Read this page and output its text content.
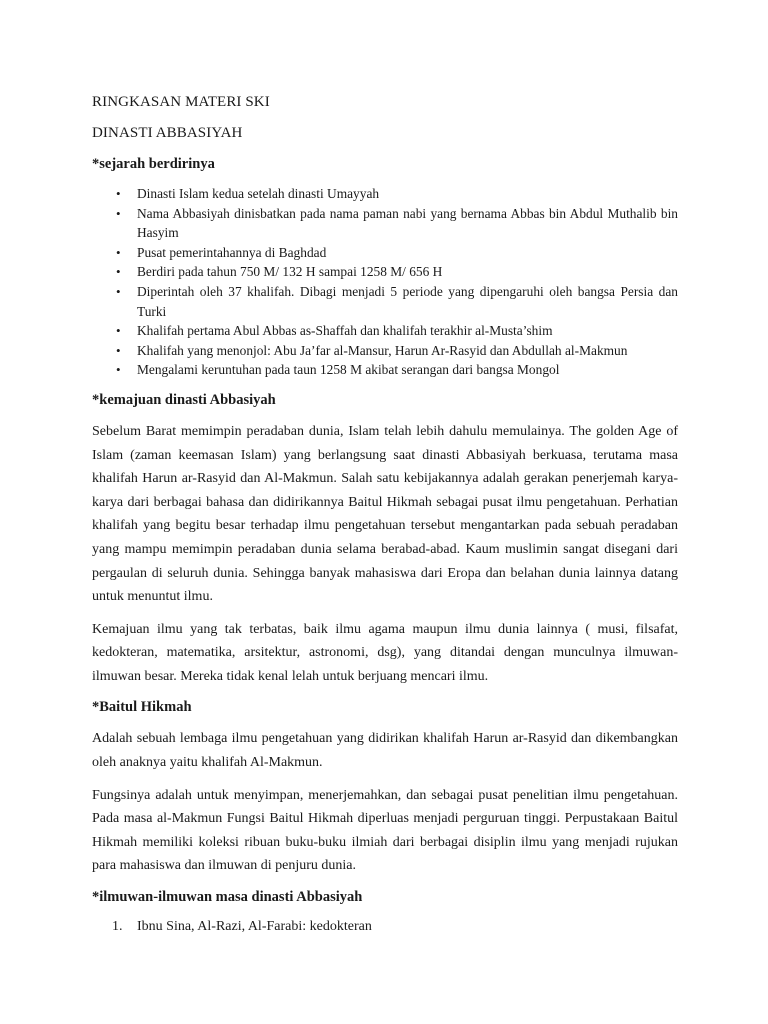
RINGKASAN MATERI SKI
DINASTI ABBASIYAH
*sejarah berdirinya
• Dinasti Islam kedua setelah dinasti Umayyah
• Nama Abbasiyah dinisbatkan pada nama paman nabi yang bernama Abbas bin Abdul Muthalib bin Hasyim
• Pusat pemerintahannya di Baghdad
• Berdiri pada tahun 750 M/ 132 H sampai 1258 M/ 656 H
• Diperintah oleh 37 khalifah. Dibagi menjadi 5 periode yang dipengaruhi oleh bangsa Persia dan Turki
• Khalifah pertama Abul Abbas as-Shaffah dan khalifah terakhir al-Musta’shim
• Khalifah yang menonjol: Abu Ja’far al-Mansur, Harun Ar-Rasyid dan Abdullah al-Makmun
• Mengalami keruntuhan pada taun 1258 M akibat serangan dari bangsa Mongol
*kemajuan dinasti Abbasiyah

Sebelum Barat memimpin peradaban dunia, Islam telah lebih dahulu memulainya. The golden Age of Islam (zaman keemasan Islam) yang berlangsung saat dinasti Abbasiyah berkuasa, terutama masa khalifah Harun ar-Rasyid dan Al-Makmun. Salah satu kebijakannya adalah gerakan penerjemah karya-karya dari berbagai bahasa dan didirikannya Baitul Hikmah sebagai pusat ilmu pengetahuan. Perhatian khalifah yang begitu besar terhadap ilmu pengetahuan tersebut mengantarkan pada sebuah peradaban yang mampu memimpin peradaban dunia selama berabad-abad. Kaum muslimin sangat disegani dari pergaulan di seluruh dunia. Sehingga banyak mahasiswa dari Eropa dan belahan dunia lainnya datang untuk menuntut ilmu.

Kemajuan ilmu yang tak terbatas, baik ilmu agama maupun ilmu dunia lainnya ( musi, filsafat, kedokteran, matematika, arsitektur, astronomi, dsg), yang ditandai dengan munculnya ilmuwan-ilmuwan besar. Mereka tidak kenal lelah untuk berjuang mencari ilmu.

*Baitul Hikmah

Adalah sebuah lembaga ilmu pengetahuan yang didirikan khalifah Harun ar-Rasyid dan dikembangkan oleh anaknya yaitu khalifah Al-Makmun.

Fungsinya adalah untuk menyimpan, menerjemahkan, dan sebagai pusat penelitian ilmu pengetahuan. Pada masa al-Makmun Fungsi Baitul Hikmah diperluas menjadi perguruan tinggi. Perpustakaan Baitul Hikmah memiliki koleksi ribuan buku-buku ilmiah dari berbagai disiplin ilmu yang menjadi rujukan para mahasiswa dan ilmuwan di penjuru dunia.

*ilmuwan-ilmuwan masa dinasti Abbasiyah
1. Ibnu Sina, Al-Razi, Al-Farabi: kedokteran
